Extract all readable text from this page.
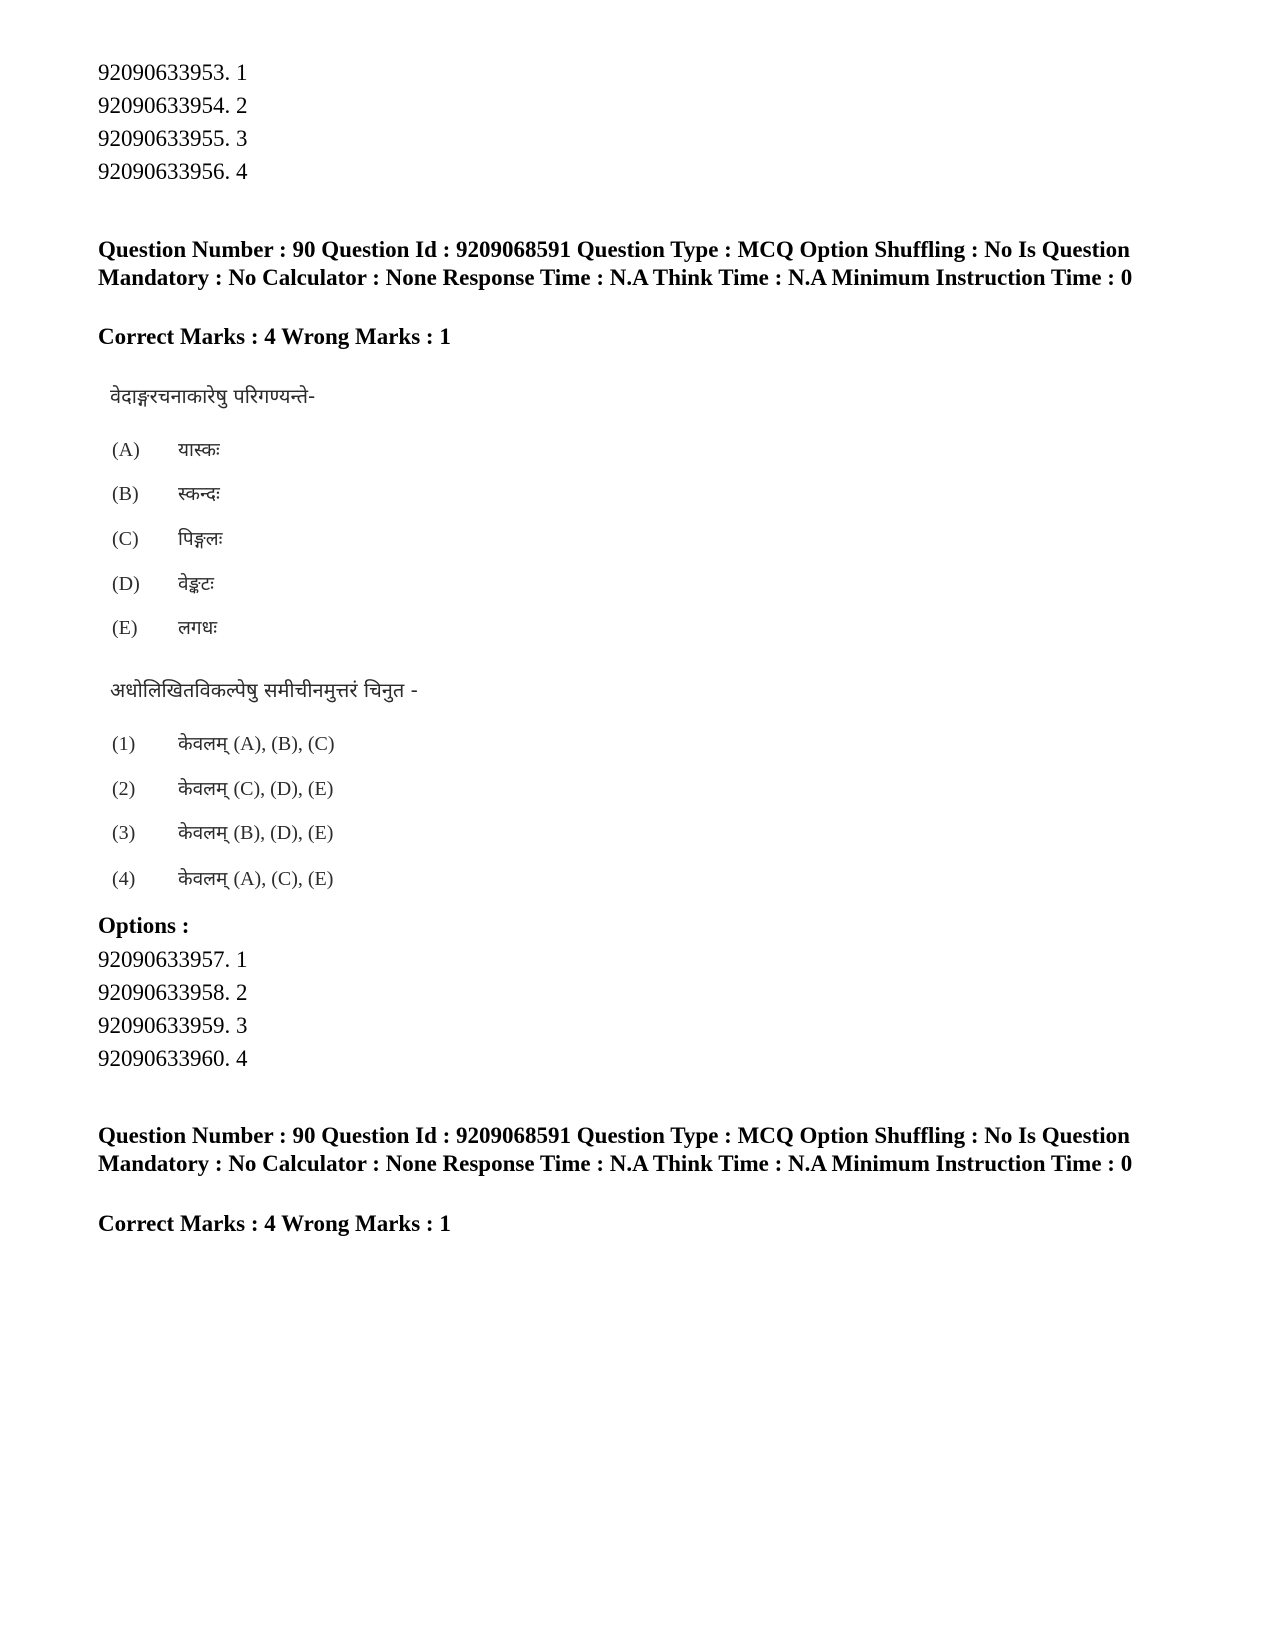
92090633953. 1
92090633954. 2
92090633955. 3
92090633956. 4
Question Number : 90 Question Id : 9209068591 Question Type : MCQ Option Shuffling : No Is Question Mandatory : No Calculator : None Response Time : N.A Think Time : N.A Minimum Instruction Time : 0
Correct Marks : 4 Wrong Marks : 1
वेदाङ्गरचनाकारेषु परिगण्यन्ते-
(A) यास्कः
(B) स्कन्दः
(C) पिङ्गलः
(D) वेङ्कटः
(E) लगधः
अधोलिखितविकल्पेषु समीचीनमुत्तरं चिनुत -
(1) केवलम् (A), (B), (C)
(2) केवलम् (C), (D), (E)
(3) केवलम् (B), (D), (E)
(4) केवलम् (A), (C), (E)
Options :
92090633957. 1
92090633958. 2
92090633959. 3
92090633960. 4
Question Number : 90 Question Id : 9209068591 Question Type : MCQ Option Shuffling : No Is Question Mandatory : No Calculator : None Response Time : N.A Think Time : N.A Minimum Instruction Time : 0
Correct Marks : 4 Wrong Marks : 1
